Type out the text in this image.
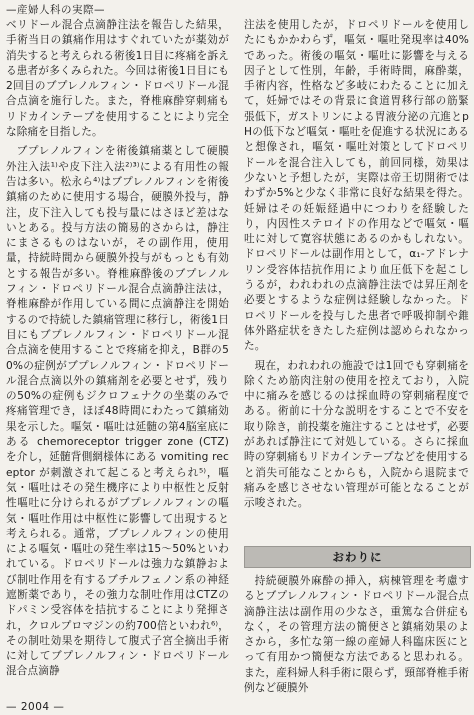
—産婦人科の実際—

ベリドール混合点滴静注法を報告した結果，手術当日の鎮痛作用はすぐれていたが薬効が消失すると考えられる術後1日目に疼痛を訴える患者が多くみられた。今回は術後1日目にも2回目のブプレノルフィン・ドロペリドール混合点滴を施行した。また，脊椎麻酔穿刺痛もリドカインテープを使用することにより完全な除痛を目指した。

ブプレノルフィンを術後鎮痛薬として硬膜外注入法¹⁾や皮下注入法²⁾³⁾による有用性の報告は多い。松永ら⁴⁾はブプレノルフィンを術後鎮痛のために使用する場合，硬膜外投与，静注，皮下注入しても投与量にはさほど差はないとある。投与方法の簡易的さからは，静注にまさるものはないが，その副作用，使用量，持続時間から硬膜外投与がもっとも有効とする報告が多い。脊椎麻酔後のブプレノルフィン・ドロペリドール混合点滴静注法は，脊椎麻酔が作用している間に点滴静注を開始するので持続した鎮痛管理に移行し，術後1日目にもブプレノルフィン・ドロペリドール混合点滴を使用することで疼痛を抑え，B群の50%の症例がブプレノルフィン・ドロペリドール混合点滴以外の鎮痛剤を必要とせず，残りの50%の症例もジクロフェナクの坐薬のみで疼痛管理でき，ほぼ48時間にわたって鎮痛効果を示した。嘔気・嘔吐は延髄の第4脳室底にある chemoreceptor trigger zone (CTZ) を介し，延髄背側網様体にある vomiting receptor が刺激されて起こると考えられ⁵⁾，嘔気・嘔吐はその発生機序により中枢性と反射性嘔吐に分けられるがブプレノルフィンの嘔気・嘔吐作用は中枢性に影響して出現すると考えられる。通常，ブプレノルフィンの使用による嘔気・嘔吐の発生率は15～50%といわれている。ドロペリドールは強力な鎮静および制吐作用を有するブチルフェノン系の神経遮断薬であり，その強力な制吐作用はCTZのドパミン受容体を拮抗することにより発揮され，クロルプロマジンの約700倍といわれ⁶⁾，その制吐効果を期待して腹式子宮全摘出手術に対してブプレノルフィン・ドロペリドール混合点滴静

注法を使用したが，ドロペリドールを使用したにもかかわらず，嘔気・嘔吐発現率は40%であった。術後の嘔気・嘔吐に影響を与える因子として性別，年齢，手術時間，麻酔薬，手術内容，性格など多岐にわたることに加えて，妊婦ではその背景に食道胃移行部の筋緊張低下，ガストリンによる胃液分泌の亢進とpHの低下など嘔気・嘔吐を促進する状況にあると想像され，嘔気・嘔吐対策としてドロペリドールを混合注入しても，前回同様，効果は少ないと予想したが，実際は帝王切開術ではわずか5%と少なく非常に良好な結果を得た。妊婦はその妊娠経過中につわりを経験したり，内因性ステロイドの作用などで嘔気・嘔吐に対して寛容状態にあるのかもしれない。ドロペリドールは副作用として，α₁-アドレナリン受容体拮抗作用により血圧低下を起こしうるが，われわれの点滴静注法では昇圧剤を必要とするような症例は経験しなかった。ドロペリドールを投与した患者で呼吸抑制や錐体外路症状をきたした症例は認められなかった。

現在，われわれの施設では1回でも穿刺痛を除くため筋肉注射の使用を控えており，入院中に痛みを感じるのは採血時の穿刺痛程度である。術前に十分な説明をすることで不安を取り除き，前投薬を施注することはせず，必要があれば静注にて対処している。さらに採血時の穿刺痛もリドカインテープなどを使用すると消失可能なことからも，入院から退院まで痛みを感じさせない管理が可能となることが示唆された。

おわりに

持続硬膜外麻酔の挿入，病棟管理を考慮するとブプレノルフィン・ドロペリドール混合点滴静注法は副作用の少なさ，重篤な合併症もなく，その管理方法の簡便さと鎮痛効果のよさから，多忙な第一線の産婦人科臨床医にとって有用かつ簡便な方法であると思われる。また，産科婦人科手術に限らず，頸部脊椎手術例など硬膜外

— 2004 —
